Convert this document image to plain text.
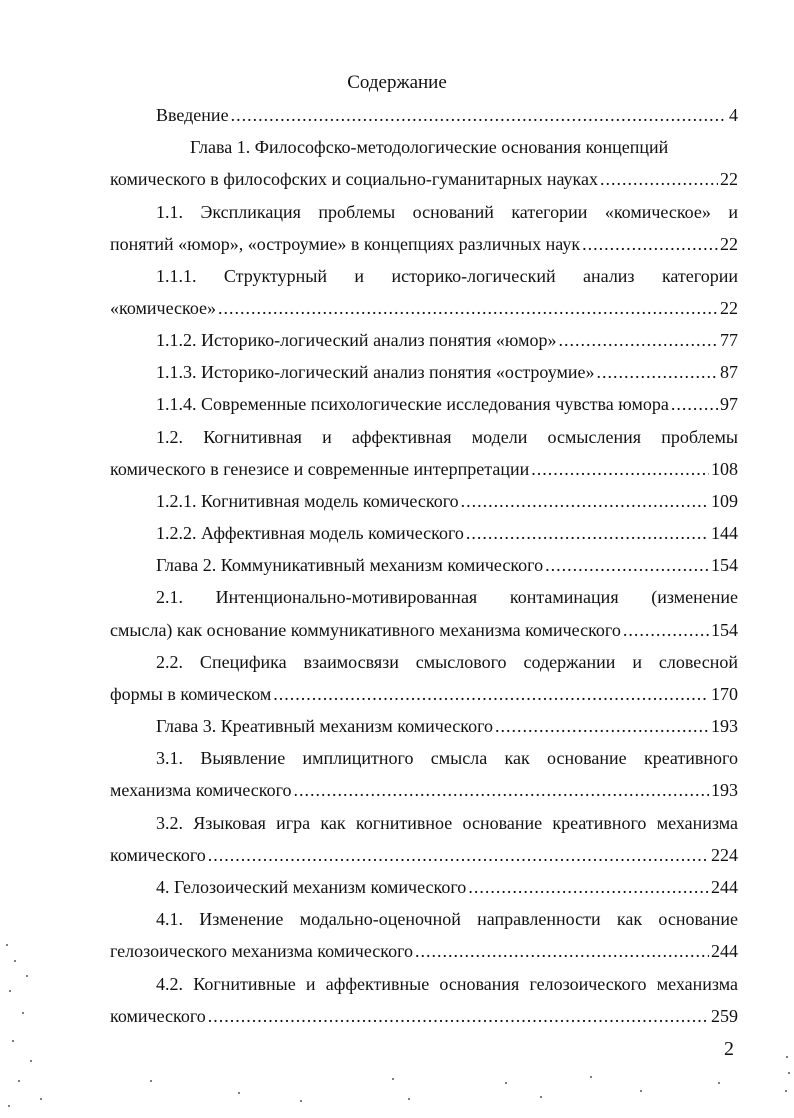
Содержание
Введение .....	4
Глава 1. Философско-методологические основания концепций
комического в философских и социально-гуманитарных науках .....	22
1.1. Экспликация проблемы оснований категории «комическое» и
понятий «юмор», «остроумие» в концепциях различных наук .....	22
1.1.1. Структурный и историко-логический анализ категории
«комическое» .....	22
1.1.2. Историко-логический анализ понятия «юмор» .....	77
1.1.3. Историко-логический анализ понятия «остроумие» .....	87
1.1.4. Современные психологические исследования чувства юмора .....	97
1.2. Когнитивная и аффективная модели осмысления проблемы
комического в генезисе и современные интерпретации .....	108
1.2.1. Когнитивная модель комического .....	109
1.2.2. Аффективная модель комического .....	144
Глава 2. Коммуникативный механизм комического .....	154
2.1. Интенционально-мотивированная контаминация (изменение
смысла) как основание коммуникативного механизма комического .....	154
2.2. Специфика взаимосвязи смыслового содержании и словесной
формы в комическом .....	170
Глава 3. Креативный механизм комического .....	193
3.1. Выявление имплицитного смысла как основание креативного
механизма комического .....	193
3.2. Языковая игра как когнитивное основание креативного механизма
комического .....	224
4. Гелозоический механизм комического .....	244
4.1. Изменение модально-оценочной направленности как основание
гелозоического механизма комического .....	244
4.2. Когнитивные и аффективные основания гелозоического механизма
комического .....	259
2
